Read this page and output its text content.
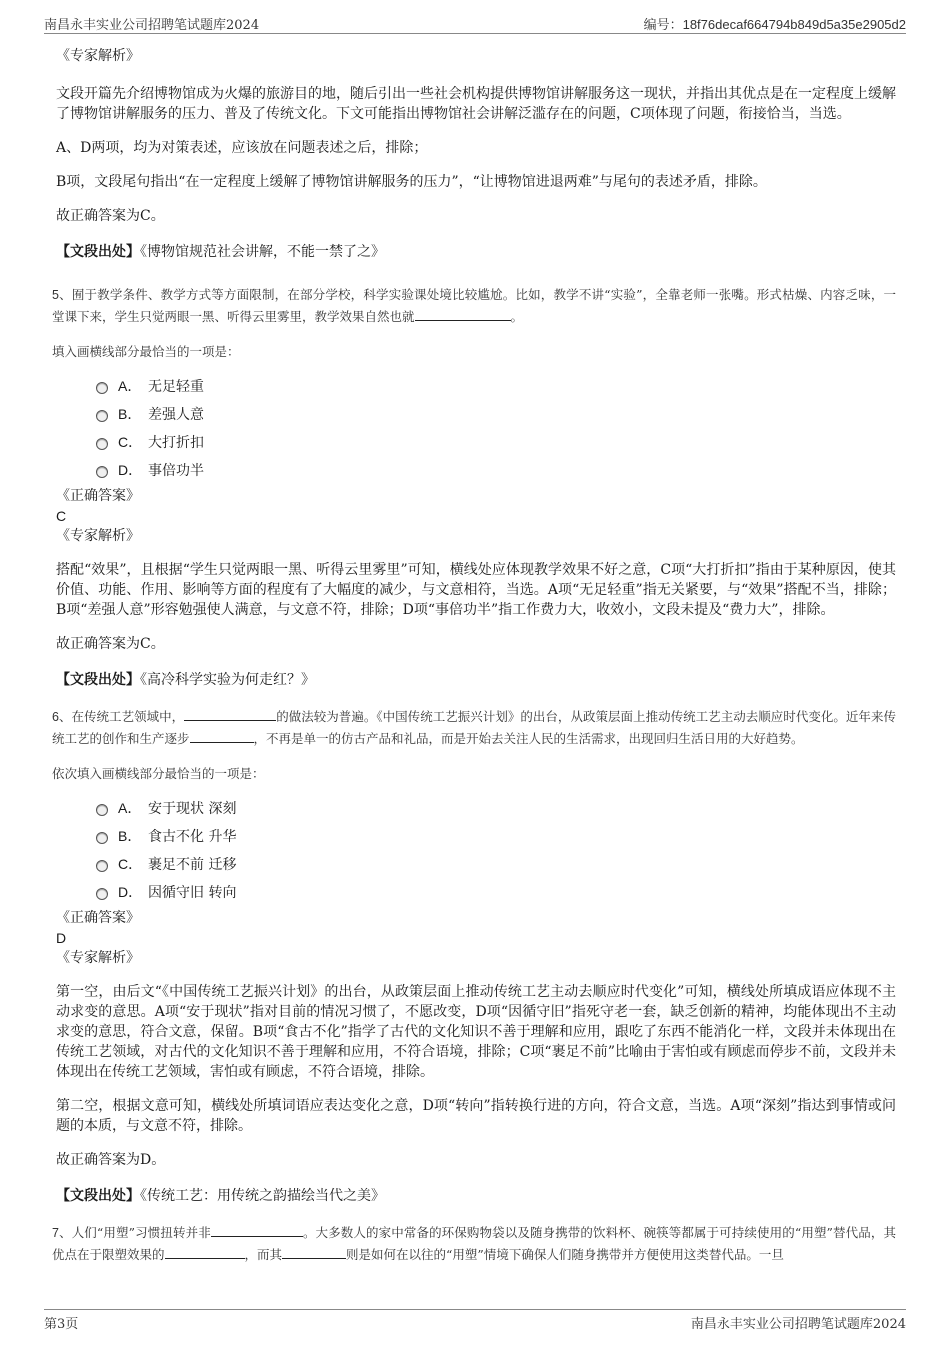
南昌永丰实业公司招聘笔试题库2024	编号：18f76decaf664794b849d5a35e2905d2
《专家解析》

文段开篇先介绍博物馆成为火爆的旅游目的地，随后引出一些社会机构提供博物馆讲解服务这一现状，并指出其优点是在一定程度上缓解了博物馆讲解服务的压力、普及了传统文化。下文可能指出博物馆社会讲解泛滥存在的问题，C项体现了问题，衔接恰当，当选。

A、D两项，均为对策表述，应该放在问题表述之后，排除；

B项，文段尾句指出“在一定程度上缓解了博物馆讲解服务的压力”，“让博物馆进退两难”与尾句的表述矛盾，排除。

故正确答案为C。

【文段出处】《博物馆规范社会讲解，不能一禁了之》
5、囿于教学条件、教学方式等方面限制，在部分学校，科学实验课处境比较尴尬。比如，教学不讲“实验”，全靠老师一张嘴。形式枯燥、内容乏味，一堂课下来，学生只觉两眼一黑、听得云里雾里，教学效果自然也就	。
填入画横线部分最恰当的一项是：
A． 无足轻重
B． 差强人意
C． 大打折扣
D． 事倍功半
《正确答案》

C

《专家解析》

搭配“效果”，且根据“学生只觉两眼一黑、听得云里雾里”可知，横线处应体现教学效果不好之意，C项“大打折扣”指由于某种原因，使其价值、功能、作用、影响等方面的程度有了大幅度的减少，与文意相符，当选。A项“无足轻重”指无关紧要，与“效果”搭配不当，排除；B项“差强人意”形容勉强使人满意，与文意不符，排除；D项“事倍功半”指工作费力大，收效小，文段未提及“费力大”，排除。

故正确答案为C。

【文段出处】《高冷科学实验为何走红？》
6、在传统工艺领域中，	的做法较为普遍。《中国传统工艺振兴计划》的出台，从政策层面上推动传统工艺主动去顺应时代变化。近年来传统工艺的创作和生产逐步	，不再是单一的仿古产品和礼品，而是开始去关注人民的生活需求，出现回归生活日用的大好趋势。
依次填入画横线部分最恰当的一项是：
A． 安于现状 深刻
B． 食古不化 升华
C． 裹足不前 迁移
D． 因循守旧 转向
《正确答案》

D

《专家解析》

第一空，由后文“《中国传统工艺振兴计划》的出台，从政策层面上推动传统工艺主动去顺应时代变化”可知，横线处所填成语应体现不主动求变的意思。A项“安于现状”指对目前的情况习惯了，不愿改变，D项“因循守旧”指死守老一套，缺乏创新的精神，均能体现出不主动求变的意思，符合文意，保留。B项“食古不化”指学了古代的文化知识不善于理解和应用，跟吃了东西不能消化一样，文段并未体现出在传统工艺领域，对古代的文化知识不善于理解和应用，不符合语境，排除；C项“裹足不前”比喻由于害怕或有顾虑而停步不前，文段并未体现出在传统工艺领域，害怕或有顾虑，不符合语境，排除。

第二空，根据文意可知，横线处所填词语应表达变化之意，D项“转向”指转换行进的方向，符合文意，当选。A项“深刻”指达到事情或问题的本质，与文意不符，排除。

故正确答案为D。

【文段出处】《传统工艺：用传统之韵描绘当代之美》
7、人们“用塑”习惯扭转并非	。大多数人的家中常备的环保购物袋以及随身携带的饮料杯、碗筷等都属于可持续使用的“用塑”替代品，其优点在于限塑效果的	，而其	则是如何在以往的“用塑”情境下确保人们随身携带并方便使用这类替代品。一旦
第3页	南昌永丰实业公司招聘笔试题库2024
